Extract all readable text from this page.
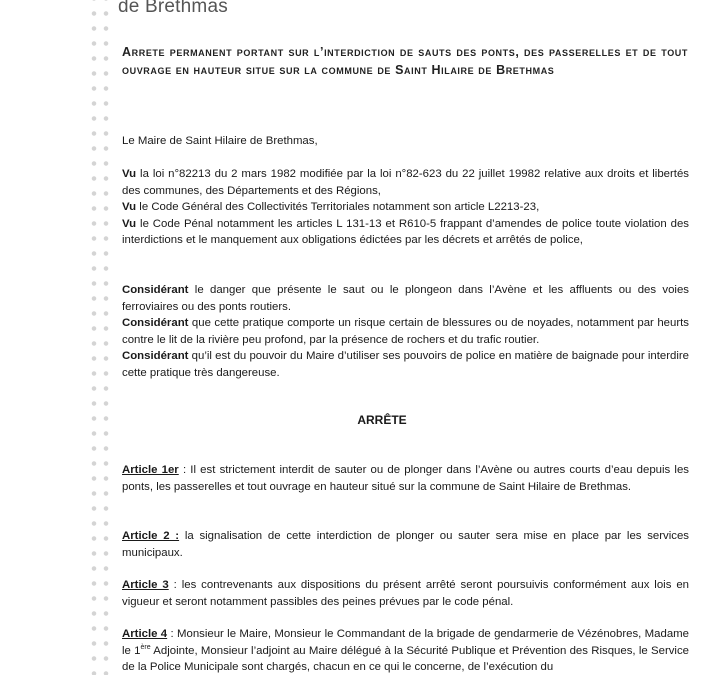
de Brethmas
Arrete permanent portant sur l’interdiction de sauts des ponts, des passerelles et de tout ouvrage en hauteur situe sur la commune de Saint Hilaire de Brethmas

Le Maire de Saint Hilaire de Brethmas,

Vu la loi n°82213 du 2 mars 1982 modifiée par la loi n°82-623 du 22 juillet 19982 relative aux droits et libertés des communes, des Départements et des Régions,

Vu le Code Général des Collectivités Territoriales notamment son article L2213-23,

Vu le Code Pénal notamment les articles L 131-13 et R610-5 frappant d’amendes de police toute violation des interdictions et le manquement aux obligations édictées par les décrets et arrêtés de police,

Considérant le danger que présente le saut ou le plongeon dans l’Avène et les affluents ou des voies ferroviaires ou des ponts routiers.

Considérant que cette pratique comporte un risque certain de blessures ou de noyades, notamment par heurts contre le lit de la rivière peu profond, par la présence de rochers et du trafic routier.

Considérant qu’il est du pouvoir du Maire d’utiliser ses pouvoirs de police en matière de baignade pour interdire cette pratique très dangereuse.

ARRÊTE

Article 1er : Il est strictement interdit de sauter ou de plonger dans l’Avène ou autres courts d’eau depuis les ponts, les passerelles et tout ouvrage en hauteur situé sur la commune de Saint Hilaire de Brethmas.

Article 2 : la signalisation de cette interdiction de plonger ou sauter sera mise en place par les services municipaux.

Article 3 : les contrevenants aux dispositions du présent arrêté seront poursuivis conformément aux lois en vigueur et seront notamment passibles des peines prévues par le code pénal.

Article 4 : Monsieur le Maire, Monsieur le Commandant de la brigade de gendarmerie de Vézénobres, Madame le 1ère Adjointe, Monsieur l’adjoint au Maire délégué à la Sécurité Publique et Prévention des Risques, le Service de la Police Municipale sont chargés, chacun en ce qui le concerne, de l’exécution du
